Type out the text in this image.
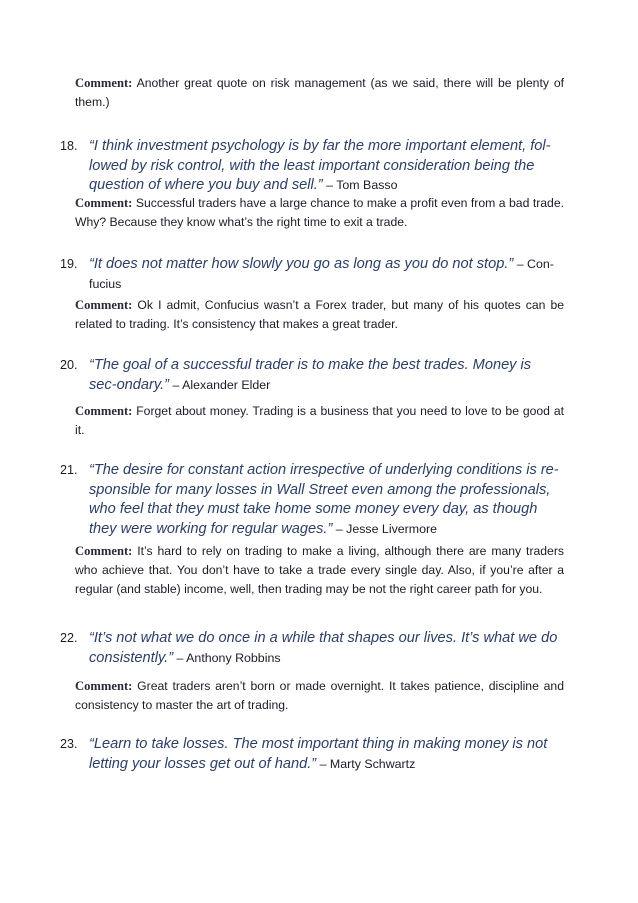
Comment: Another great quote on risk management (as we said, there will be plenty of them.)

18. “I think investment psychology is by far the more important element, fol-lowed by risk control, with the least important consideration being the question of where you buy and sell.” – Tom Basso

Comment: Successful traders have a large chance to make a profit even from a bad trade. Why? Because they know what’s the right time to exit a trade.

19. “It does not matter how slowly you go as long as you do not stop.” – Con-fucius

Comment: Ok I admit, Confucius wasn’t a Forex trader, but many of his quotes can be related to trading. It’s consistency that makes a great trader.

20. “The goal of a successful trader is to make the best trades. Money is sec-ondary.” – Alexander Elder

Comment: Forget about money. Trading is a business that you need to love to be good at it.

21. “The desire for constant action irrespective of underlying conditions is re-sponsible for many losses in Wall Street even among the professionals, who feel that they must take home some money every day, as though they were working for regular wages.” – Jesse Livermore

Comment: It’s hard to rely on trading to make a living, although there are many traders who achieve that. You don’t have to take a trade every single day. Also, if you’re after a regular (and stable) income, well, then trading may be not the right career path for you.

22. “It’s not what we do once in a while that shapes our lives. It’s what we do consistently.” – Anthony Robbins

Comment: Great traders aren’t born or made overnight. It takes patience, discipline and consistency to master the art of trading.

23. “Learn to take losses. The most important thing in making money is not letting your losses get out of hand.” – Marty Schwartz
